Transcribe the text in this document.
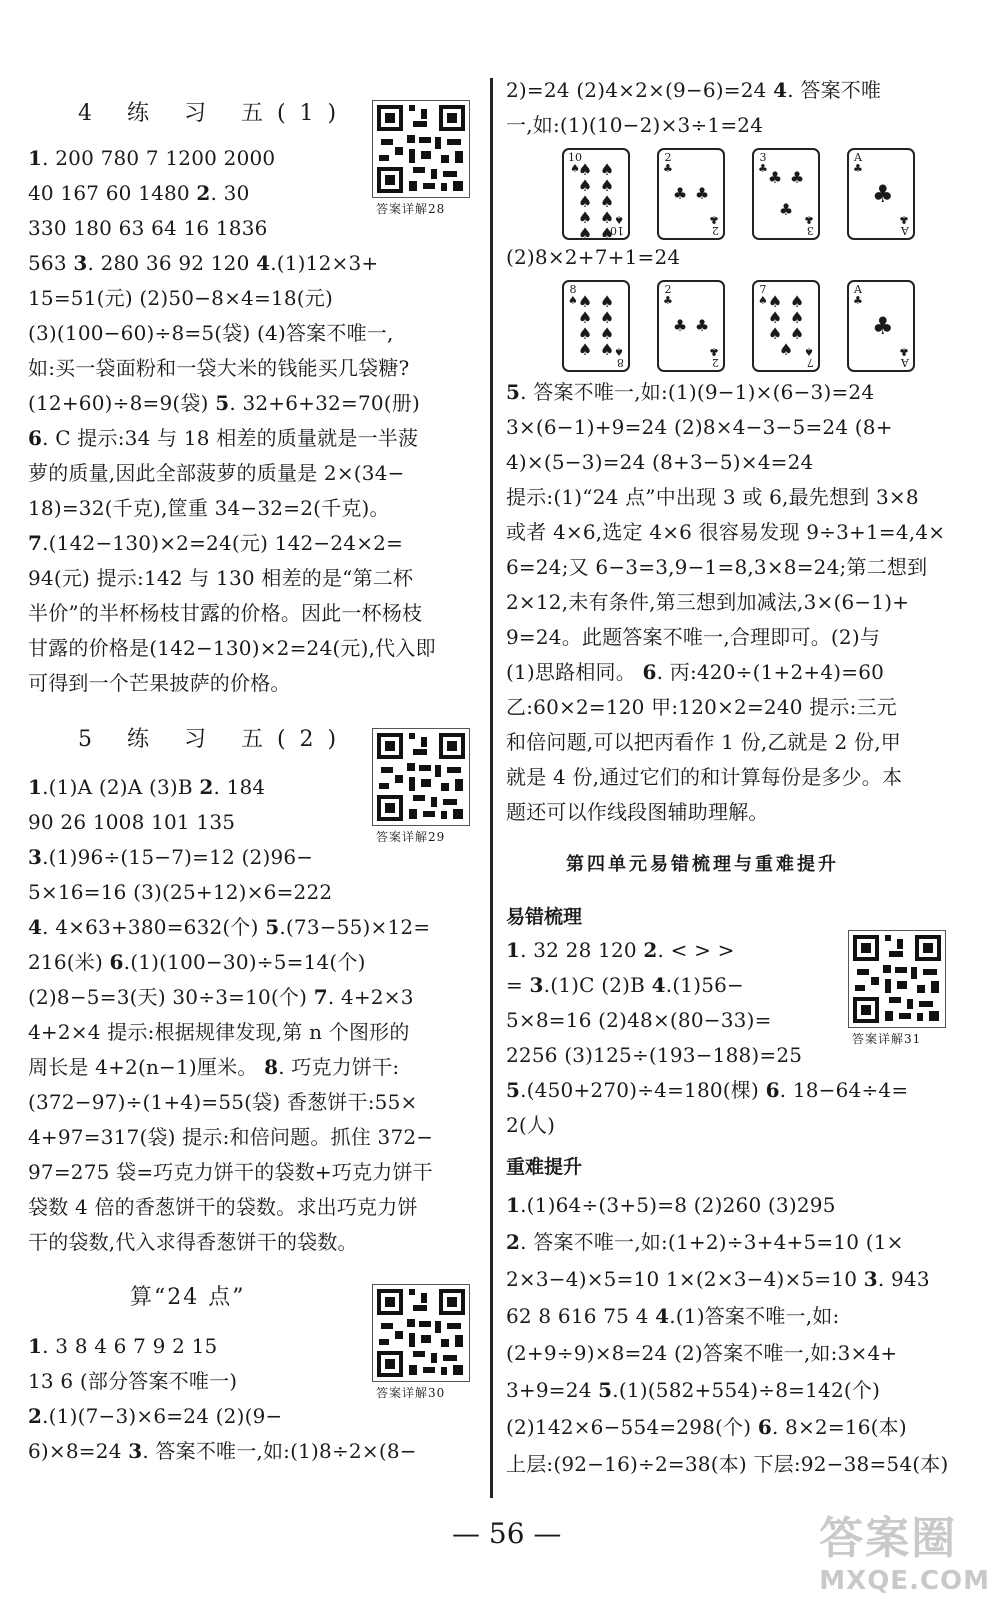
4 练 习 五(1)
答案详解28
1. 200 780 7 1200 2000
40 167 60 1480 2. 30
330 180 63 64 16 1836
563 3. 280 36 92 120 4.(1)12×3+
15=51(元) (2)50−8×4=18(元)
(3)(100−60)÷8=5(袋) (4)答案不唯一,
如:买一袋面粉和一袋大米的钱能买几袋糖?
(12+60)÷8=9(袋) 5. 32+6+32=70(册)
6. C 提示:34 与 18 相差的质量就是一半菠
萝的质量,因此全部菠萝的质量是 2×(34−
18)=32(千克),筐重 34−32=2(千克)。
7.(142−130)×2=24(元) 142−24×2=
94(元) 提示:142 与 130 相差的是“第二杯
半价”的半杯杨枝甘露的价格。因此一杯杨枝
甘露的价格是(142−130)×2=24(元),代入即
可得到一个芒果披萨的价格。
5 练 习 五(2)
答案详解29
1.(1)A (2)A (3)B 2. 184
90 26 1008 101 135
3.(1)96÷(15−7)=12 (2)96−
5×16=16 (3)(25+12)×6=222
4. 4×63+380=632(个) 5.(73−55)×12=
216(米) 6.(1)(100−30)÷5=14(个)
(2)8−5=3(天) 30÷3=10(个) 7. 4+2×3
4+2×4 提示:根据规律发现,第 n 个图形的
周长是 4+2(n−1)厘米。 8. 巧克力饼干:
(372−97)÷(1+4)=55(袋) 香葱饼干:55×
4+97=317(袋) 提示:和倍问题。抓住 372−
97=275 袋=巧克力饼干的袋数+巧克力饼干
袋数 4 倍的香葱饼干的袋数。求出巧克力饼
干的袋数,代入求得香葱饼干的袋数。
算“24 点”
答案详解30
1. 3 8 4 6 7 9 2 15
13 6 (部分答案不唯一)
2.(1)(7−3)×6=24 (2)(9−
6)×8=24 3. 答案不唯一,如:(1)8÷2×(8−
2)=24 (2)4×2×(9−6)=24 4. 答案不唯
一,如:(1)(10−2)×3÷1=24
10
♠
♠ ♠
♠ ♠
♠ ♠
♠ ♠
♠ ♠
10
♠
2
♣
♣ ♣
2
♣
3
♣ ♣ ♣
♣
3
♣
A
♣
♣
A
♣
(2)8×2+7+1=24
8
♠ ♠ ♠
♠ ♠
♠ ♠
♠ ♠
8
♠
2
♣
♣ ♣
2
♣
7
♠ ♠ ♠
♠ ♠
♠ ♠
♠
7
♠
A
♣
♣
A
♣
5. 答案不唯一,如:(1)(9−1)×(6−3)=24
3×(6−1)+9=24 (2)8×4−3−5=24 (8+
4)×(5−3)=24 (8+3−5)×4=24
提示:(1)“24 点”中出现 3 或 6,最先想到 3×8
或者 4×6,选定 4×6 很容易发现 9÷3+1=4,4×
6=24;又 6−3=3,9−1=8,3×8=24;第二想到
2×12,未有条件,第三想到加减法,3×(6−1)+
9=24。此题答案不唯一,合理即可。(2)与
(1)思路相同。 6. 丙:420÷(1+2+4)=60
乙:60×2=120 甲:120×2=240 提示:三元
和倍问题,可以把丙看作 1 份,乙就是 2 份,甲
就是 4 份,通过它们的和计算每份是多少。本
题还可以作线段图辅助理解。
第四单元易错梳理与重难提升
易错梳理
答案详解31
1. 32 28 120 2. < > >
= 3.(1)C (2)B 4.(1)56−
5×8=16 (2)48×(80−33)=
2256 (3)125÷(193−188)=25
5.(450+270)÷4=180(棵) 6. 18−64÷4=
2(人)
重难提升
1.(1)64÷(3+5)=8 (2)260 (3)295
2. 答案不唯一,如:(1+2)÷3+4+5=10 (1×
2×3−4)×5=10 1×(2×3−4)×5=10 3. 943
62 8 616 75 4 4.(1)答案不唯一,如:
(2+9÷9)×8=24 (2)答案不唯一,如:3×4+
3+9=24 5.(1)(582+554)÷8=142(个)
(2)142×6−554=298(个) 6. 8×2=16(本)
上层:(92−16)÷2=38(本) 下层:92−38=54(本)
— 56 —	答案圈
MXQE.COM
